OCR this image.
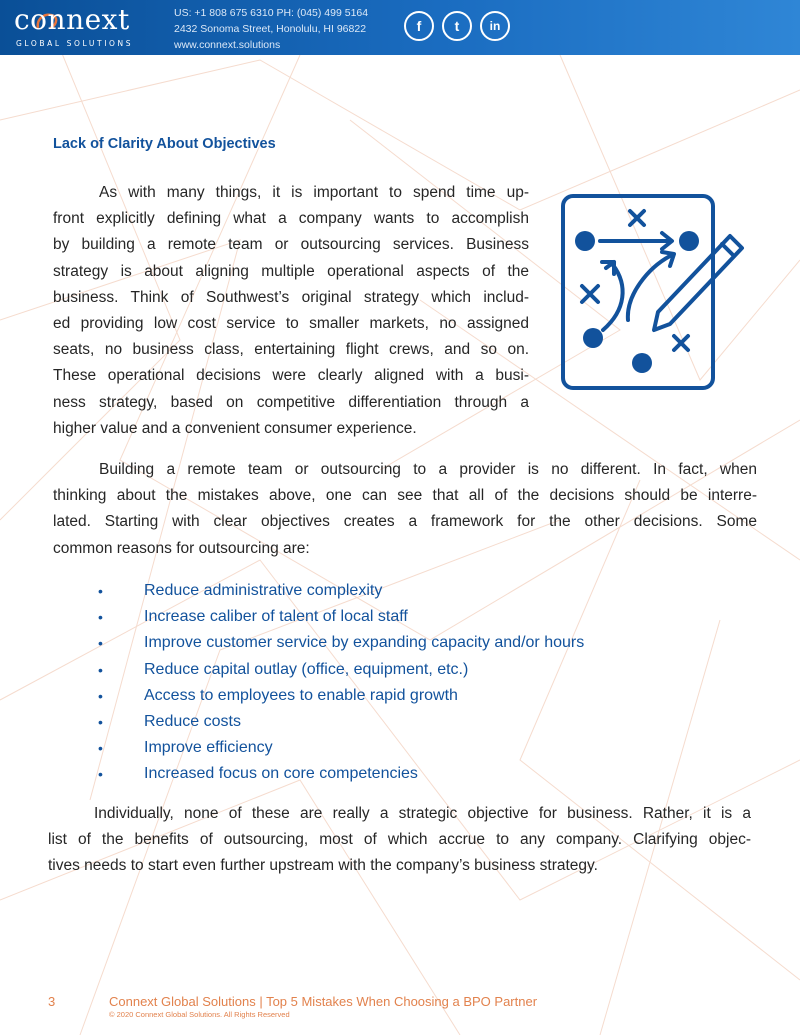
connext
GLOBAL SOLUTIONS
US: +1 808 675 6310 PH: (045) 499 5164
2432 Sonoma Street, Honolulu, HI 96822
www.connext.solutions
f	t	in
Lack of Clarity About Objectives
As with many things, it is important to spend time up-
front explicitly defining what a company wants to accomplish
by building a remote team or outsourcing services. Business
strategy is about aligning multiple operational aspects of the
business. Think of Southwest’s original strategy which includ-
ed providing low cost service to smaller markets, no assigned
seats, no business class, entertaining flight crews, and so on.
These operational decisions were clearly aligned with a busi-
ness strategy, based on competitive differentiation through a
higher value and a convenient consumer experience.
Building a remote team or outsourcing to a provider is no different. In fact, when
thinking about the mistakes above, one can see that all of the decisions should be interre-
lated. Starting with clear objectives creates a framework for the other decisions. Some
common reasons for outsourcing are:
•	Reduce administrative complexity
•	Increase caliber of talent of local staff
•	Improve customer service by expanding capacity and/or hours
•	Reduce capital outlay (office, equipment, etc.)
•	Access to employees to enable rapid growth
•	Reduce costs
•	Improve efficiency
•	Increased focus on core competencies
Individually, none of these are really a strategic objective for business. Rather, it is a
list of the benefits of outsourcing, most of which accrue to any company. Clarifying objec-
tives needs to start even further upstream with the company’s business strategy.
3	Connext Global Solutions | Top 5 Mistakes When Choosing a BPO Partner
© 2020 Connext Global Solutions. All Rights Reserved
